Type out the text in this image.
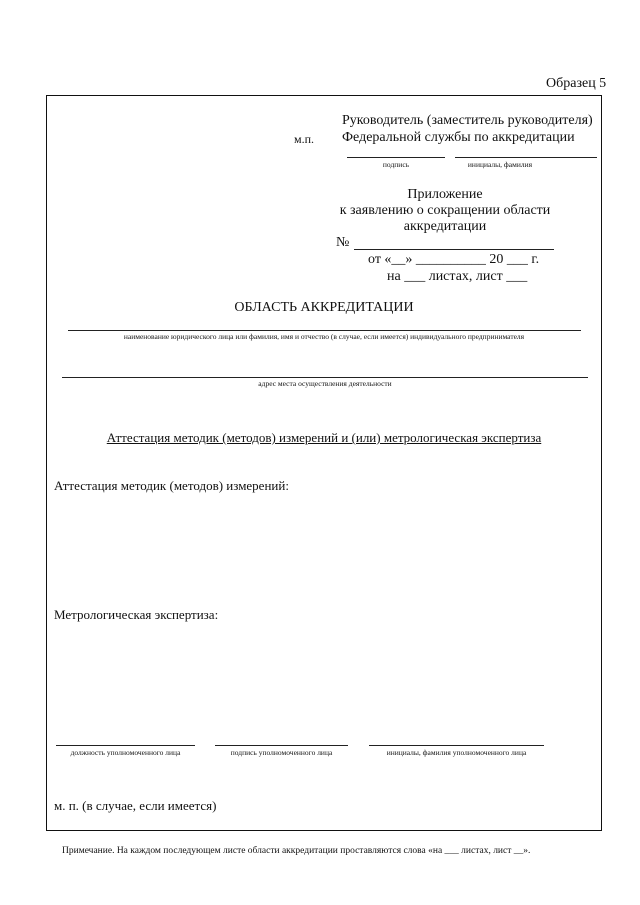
Образец 5
Руководитель (заместитель руководителя)
м.п. Федеральной службы по аккредитации
подпись	инициалы, фамилия
Приложение
к заявлению о сокращении области
аккредитации
№
от «__» __________ 20 ___ г.
на ___ листах, лист ___
ОБЛАСТЬ АККРЕДИТАЦИИ
наименование юридического лица или фамилия, имя и отчество (в случае, если имеется) индивидуального предпринимателя
адрес места осуществления деятельности
Аттестация методик (методов) измерений и (или) метрологическая экспертиза
Аттестация методик (методов) измерений:
Метрологическая экспертиза:
должность уполномоченного лица	подпись уполномоченного лица	инициалы, фамилия уполномоченного лица
м. п. (в случае, если имеется)
Примечание. На каждом последующем листе области аккредитации проставляются слова «на ___ листах, лист __».
